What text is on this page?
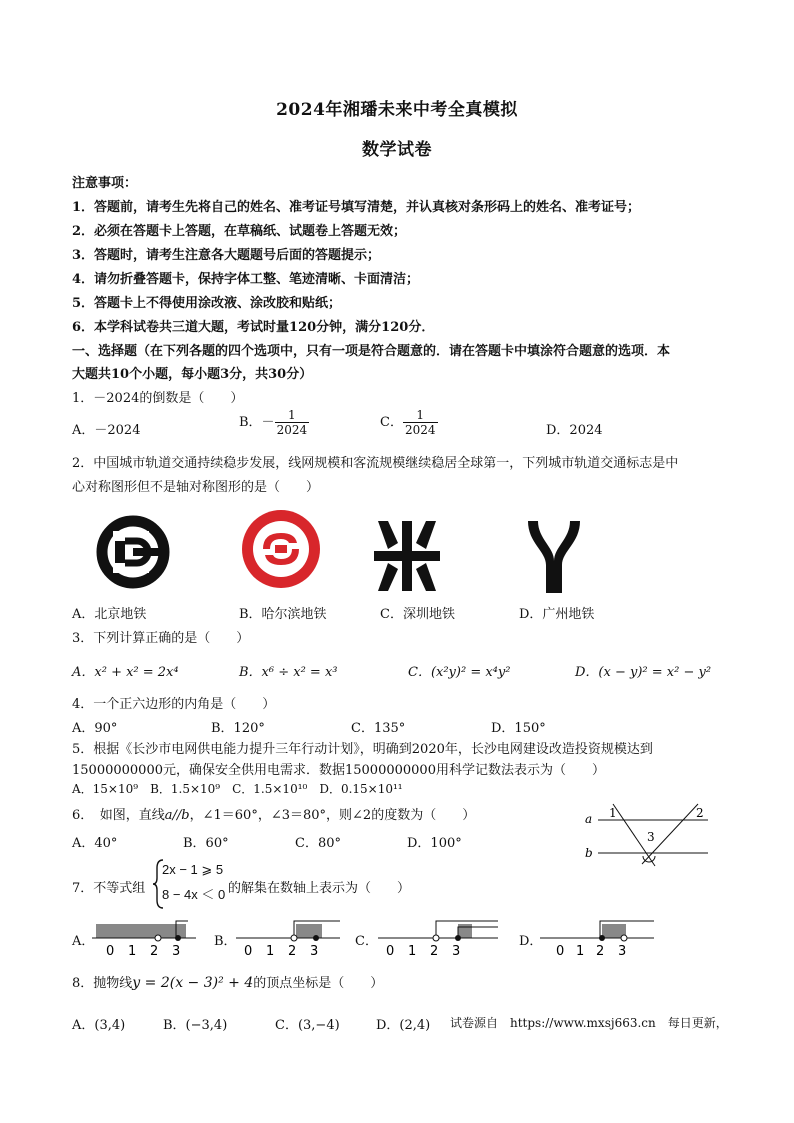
2024年湘璠未来中考全真模拟
数学试卷
注意事项：
1．答题前，请考生先将自己的姓名、准考证号填写清楚，并认真核对条形码上的姓名、准考证号；
2．必须在答题卡上答题，在草稿纸、试题卷上答题无效；
3．答题时，请考生注意各大题题号后面的答题提示；
4．请勿折叠答题卡，保持字体工整、笔迹清晰、卡面清洁；
5．答题卡上不得使用涂改液、涂改胶和贴纸；
6．本学科试卷共三道大题，考试时量120分钟，满分120分．
一、选择题（在下列各题的四个选项中，只有一项是符合题意的．请在答题卡中填涂符合题意的选项．本
大题共10个小题，每小题3分，共30分）
1．－2024的倒数是（　　）
A．－2024
B．－ $\frac{1}{2024}$	C． $\frac{1}{2024}$	D．2024
2．中国城市轨道交通持续稳步发展，线网规模和客流规模继续稳居全球第一，下列城市轨道交通标志是中
心对称图形但不是轴对称图形的是（　　）
A．北京地铁	B．哈尔滨地铁	C．深圳地铁	D．广州地铁
3．下列计算正确的是（　　）
A．x² + x² = 2x⁴	B．x⁶ ÷ x² = x³	C．(x²y)² = x⁴y²	D．(x − y)² = x² − y²
4．一个正六边形的内角是（　　）
A．90°	B．120°	C．135°	D．150°
5．根据《长沙市电网供电能力提升三年行动计划》，明确到2020年，长沙电网建设改造投资规模达到
15000000000元，确保安全供用电需求．数据15000000000用科学记数法表示为（　　）
A．15×10⁹　B．1.5×10⁹　C．1.5×10¹⁰　D．0.15×10¹¹
6．　如图，直线a//b，∠1＝60°，∠3＝80°，则∠2的度数为（　　）
A．40°	B．60°	C．80°	D．100°
a
b
1	2
3
7．不等式组
2x − 1 ⩾ 5
8 − 4x ＜ 0 的解集在数轴上表示为（　　）
A．	B．	C．	D．
0 1 2 3	0 1 2 3	0 1 2 3	0 1 2 3
8．抛物线y = 2(x − 3)² + 4的顶点坐标是（　　）
A．(3,4)	B．(−3,4)	C．(3,−4)	D．(2,4) 试卷源自　https://www.mxsj663.cn　每日更新，
